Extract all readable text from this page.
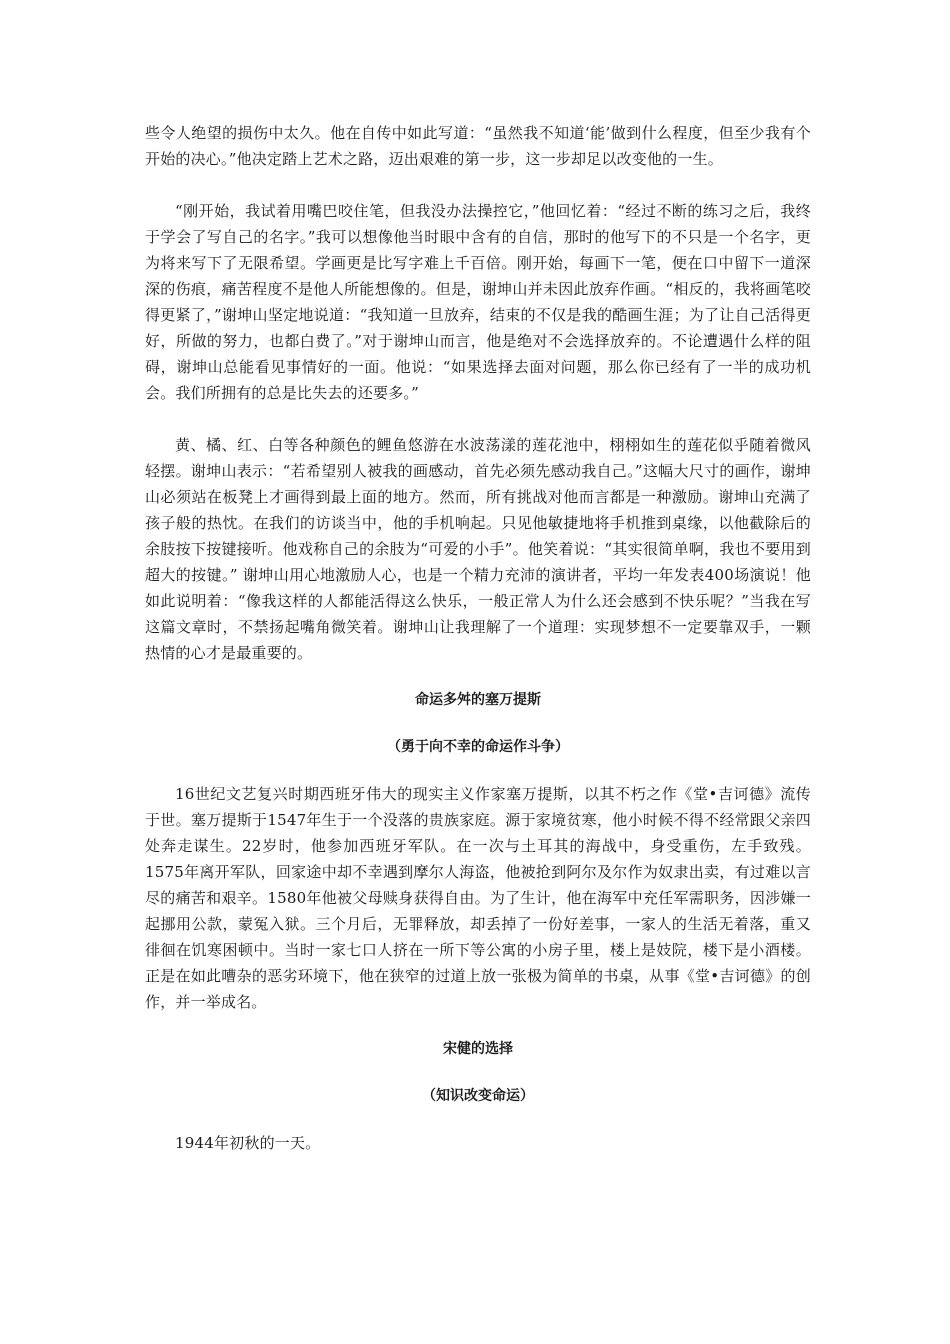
些令人绝望的损伤中太久。他在自传中如此写道：“虽然我不知道‘能’做到什么程度，但至少我有个开始的决心。”他决定踏上艺术之路，迈出艰难的第一步，这一步却足以改变他的一生。

“刚开始，我试着用嘴巴咬住笔，但我没办法操控它，”他回忆着：“经过不断的练习之后，我终于学会了写自己的名字。”我可以想像他当时眼中含有的自信，那时的他写下的不只是一个名字，更为将来写下了无限希望。学画更是比写字难上千百倍。刚开始，每画下一笔，便在口中留下一道深深的伤痕，痛苦程度不是他人所能想像的。但是，谢坤山并未因此放弃作画。“相反的，我将画笔咬得更紧了，”谢坤山坚定地说道：“我知道一旦放弃，结束的不仅是我的酷画生涯；为了让自己活得更好，所做的努力，也都白费了。”对于谢坤山而言，他是绝对不会选择放弃的。不论遭遇什么样的阻碍，谢坤山总能看见事情好的一面。他说：“如果选择去面对问题，那么你已经有了一半的成功机会。我们所拥有的总是比失去的还要多。”

黄、橘、红、白等各种颜色的鲤鱼悠游在水波荡漾的莲花池中，栩栩如生的莲花似乎随着微风轻摆。谢坤山表示：“若希望别人被我的画感动，首先必须先感动我自己。”这幅大尺寸的画作，谢坤山必须站在板凳上才画得到最上面的地方。然而，所有挑战对他而言都是一种激励。谢坤山充满了孩子般的热忱。在我们的访谈当中，他的手机响起。只见他敏捷地将手机推到桌缘，以他截除后的余肢按下按键接听。他戏称自己的余肢为“可爱的小手”。他笑着说：“其实很简单啊，我也不要用到超大的按键。” 谢坤山用心地激励人心，也是一个精力充沛的演讲者，平均一年发表400场演说！他如此说明着：“像我这样的人都能活得这么快乐，一般正常人为什么还会感到不快乐呢？”当我在写这篇文章时，不禁扬起嘴角微笑着。谢坤山让我理解了一个道理：实现梦想不一定要靠双手，一颗热情的心才是最重要的。

命运多舛的塞万提斯

（勇于向不幸的命运作斗争）

16世纪文艺复兴时期西班牙伟大的现实主义作家塞万提斯，以其不朽之作《堂•吉诃德》流传于世。塞万提斯于1547年生于一个没落的贵族家庭。源于家境贫寒，他小时候不得不经常跟父亲四处奔走谋生。22岁时，他参加西班牙军队。在一次与土耳其的海战中，身受重伤，左手致残。1575年离开军队，回家途中却不幸遇到摩尔人海盗，他被抢到阿尔及尔作为奴隶出卖，有过难以言尽的痛苦和艰辛。1580年他被父母赎身获得自由。为了生计，他在海军中充任军需职务，因涉嫌一起挪用公款，蒙冤入狱。三个月后，无罪释放，却丢掉了一份好差事，一家人的生活无着落，重又徘徊在饥寒困顿中。当时一家七口人挤在一所下等公寓的小房子里，楼上是妓院，楼下是小酒楼。正是在如此嘈杂的恶劣环境下，他在狭窄的过道上放一张极为简单的书桌，从事《堂•吉诃德》的创作，并一举成名。

宋健的选择

（知识改变命运）

1944年初秋的一天。
